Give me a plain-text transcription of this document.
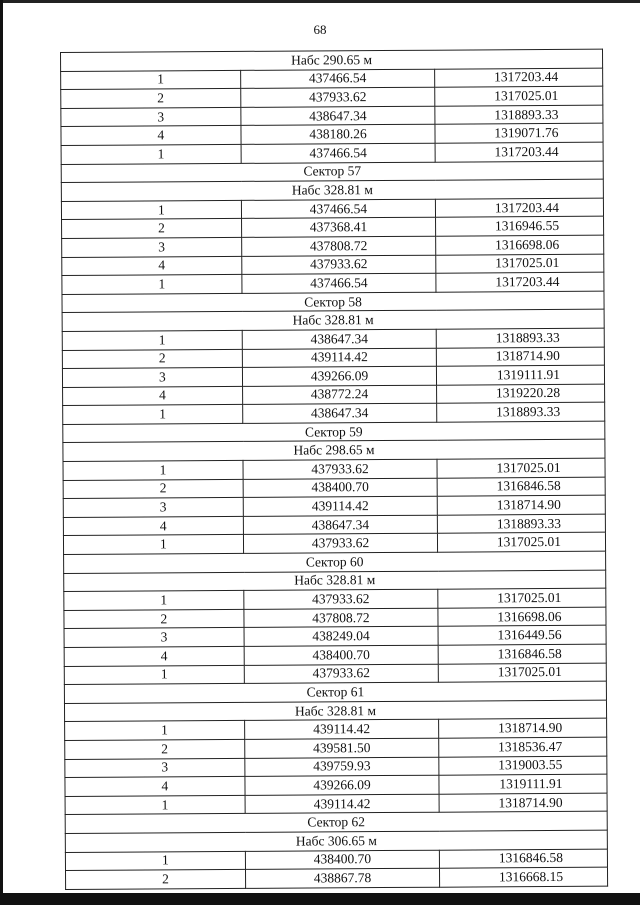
68
Набс 290.65 м		
1	437466.54	1317203.44
2	437933.62	1317025.01
3	438647.34	1318893.33
4	438180.26	1319071.76
1	437466.54	1317203.44
Сектор 57		
Набс 328.81 м		
1	437466.54	1317203.44
2	437368.41	1316946.55
3	437808.72	1316698.06
4	437933.62	1317025.01
1	437466.54	1317203.44
Сектор 58		
Набс 328.81 м		
1	438647.34	1318893.33
2	439114.42	1318714.90
3	439266.09	1319111.91
4	438772.24	1319220.28
1	438647.34	1318893.33
Сектор 59		
Набс 298.65 м		
1	437933.62	1317025.01
2	438400.70	1316846.58
3	439114.42	1318714.90
4	438647.34	1318893.33
1	437933.62	1317025.01
Сектор 60		
Набс 328.81 м		
1	437933.62	1317025.01
2	437808.72	1316698.06
3	438249.04	1316449.56
4	438400.70	1316846.58
1	437933.62	1317025.01
Сектор 61		
Набс 328.81 м		
1	439114.42	1318714.90
2	439581.50	1318536.47
3	439759.93	1319003.55
4	439266.09	1319111.91
1	439114.42	1318714.90
Сектор 62		
Набс 306.65 м		
1	438400.70	1316846.58
2	438867.78	1316668.15
